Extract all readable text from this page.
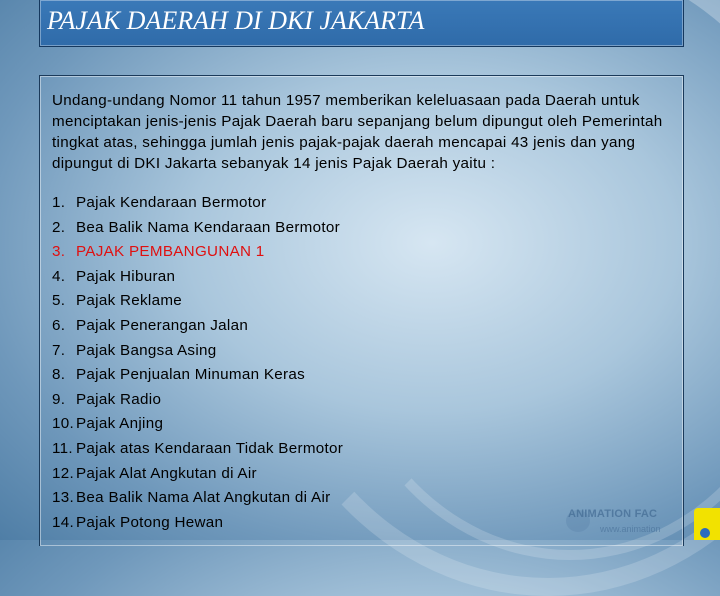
PAJAK DAERAH DI DKI JAKARTA
Undang-undang Nomor 11 tahun 1957 memberikan keleluasaan pada Daerah untuk menciptakan jenis-jenis Pajak Daerah baru sepanjang belum dipungut oleh Pemerintah tingkat atas, sehingga jumlah jenis pajak-pajak daerah mencapai 43 jenis dan yang dipungut di DKI Jakarta sebanyak 14 jenis Pajak Daerah yaitu :
1. Pajak Kendaraan Bermotor
2. Bea Balik Nama Kendaraan Bermotor
3. PAJAK PEMBANGUNAN 1
4. Pajak Hiburan
5. Pajak Reklame
6. Pajak Penerangan Jalan
7. Pajak Bangsa Asing
8. Pajak Penjualan Minuman Keras
9. Pajak Radio
10. Pajak Anjing
11. Pajak atas Kendaraan Tidak Bermotor
12. Pajak Alat Angkutan di Air
13. Bea Balik Nama Alat Angkutan di Air
14. Pajak Potong Hewan	ANIMATION FAC
www.animation
